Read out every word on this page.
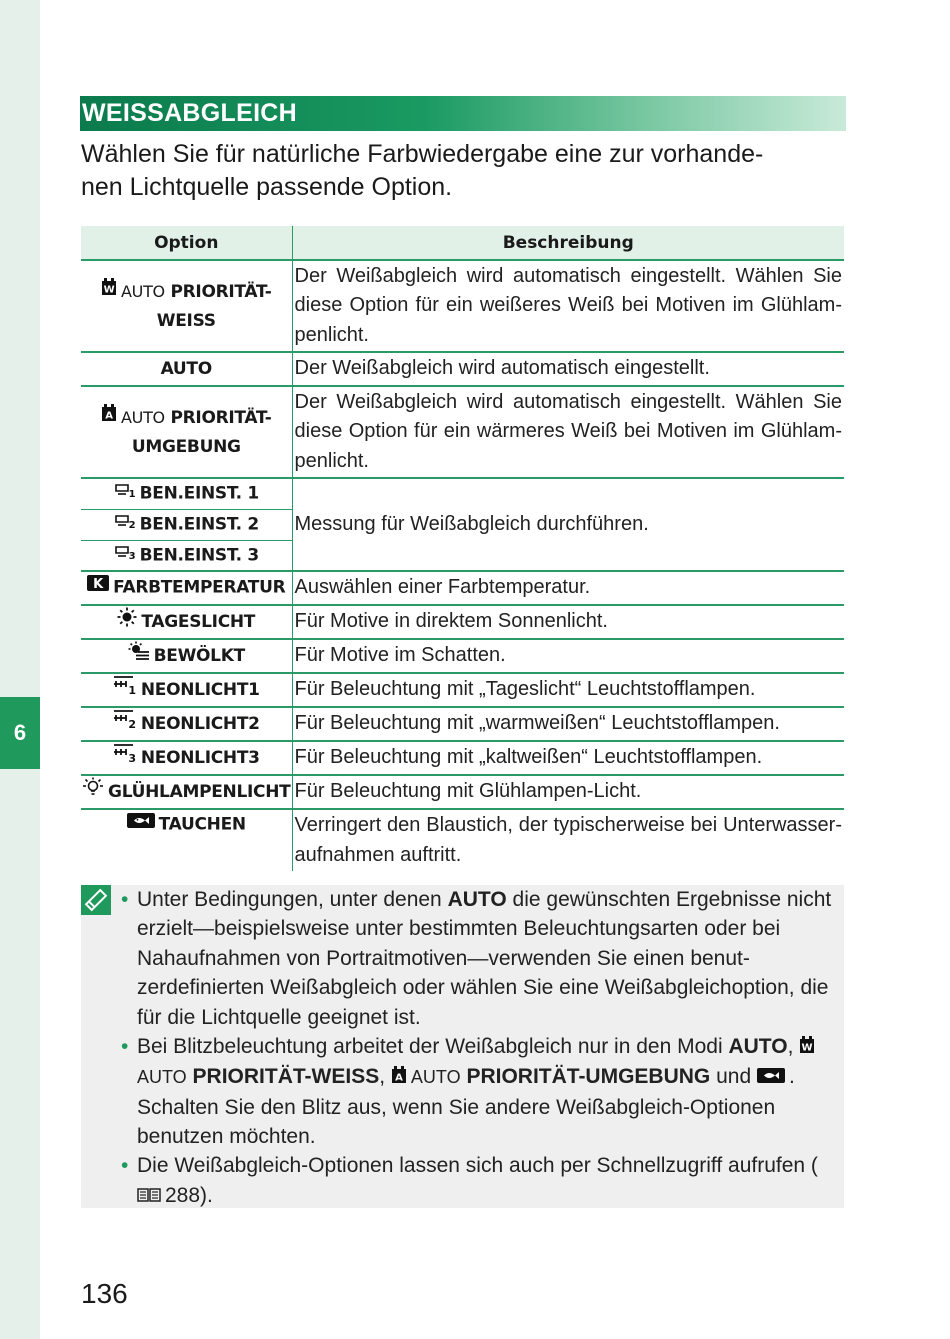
6
WEISSABGLEICH
Wählen Sie für natürliche Farbwiedergabe eine zur vorhande-
nen Lichtquelle passende Option.
Option	Beschreibung

W AUTO PRIORITÄT-
WEISS	Der Weißabgleich wird automatisch eingestellt. Wählen Sie diese Option für ein weißeres Weiß bei Motiven im Glühlam-penlicht.
AUTO	Der Weißabgleich wird automatisch eingestellt.

A AUTO PRIORITÄT-
UMGEBUNG	Der Weißabgleich wird automatisch eingestellt. Wählen Sie diese Option für ein wärmeres Weiß bei Motiven im Glühlam-penlicht.

1 BEN.EINST. 1	Messung für Weißabgleich durchführen.

2 BEN.EINST. 2	

3 BEN.EINST. 3	

K FARBTEMPERATUR	Auswählen einer Farbtemperatur.
TAGESLICHT	Für Motive in direktem Sonnenlicht.
BEWÖLKT	Für Motive im Schatten.

1 NEONLICHT1	Für Beleuchtung mit „Tageslicht“ Leuchtstofflampen.

2 NEONLICHT2	Für Beleuchtung mit „warmweißen“ Leuchtstofflampen.

3 NEONLICHT3	Für Beleuchtung mit „kaltweißen“ Leuchtstofflampen.
GLÜHLAMPENLICHT	Für Beleuchtung mit Glühlampen-Licht.
TAUCHEN	Verringert den Blaustich, der typischerweise bei Unterwasser-aufnahmen auftritt.
• Unter Bedingungen, unter denen AUTO die gewünschten Ergebnisse nicht erzielt—beispielsweise unter bestimmten Beleuchtungsarten oder bei Nahaufnahmen von Portraitmotiven—verwenden Sie einen benut-zerdefinierten Weißabgleich oder wählen Sie eine Weißabgleichoption, die für die Lichtquelle geeignet ist.
• Bei Blitzbeleuchtung arbeitet der Weißabgleich nur in den Modi AUTO, W
AUTO PRIORITÄT-WEISS, A AUTO PRIORITÄT-UMGEBUNG und . Schalten Sie den Blitz aus, wenn Sie andere Weißabgleich-Optionen benutzen möchten.
• Die Weißabgleich-Optionen lassen sich auch per Schnellzugriff aufrufen (288).
136
